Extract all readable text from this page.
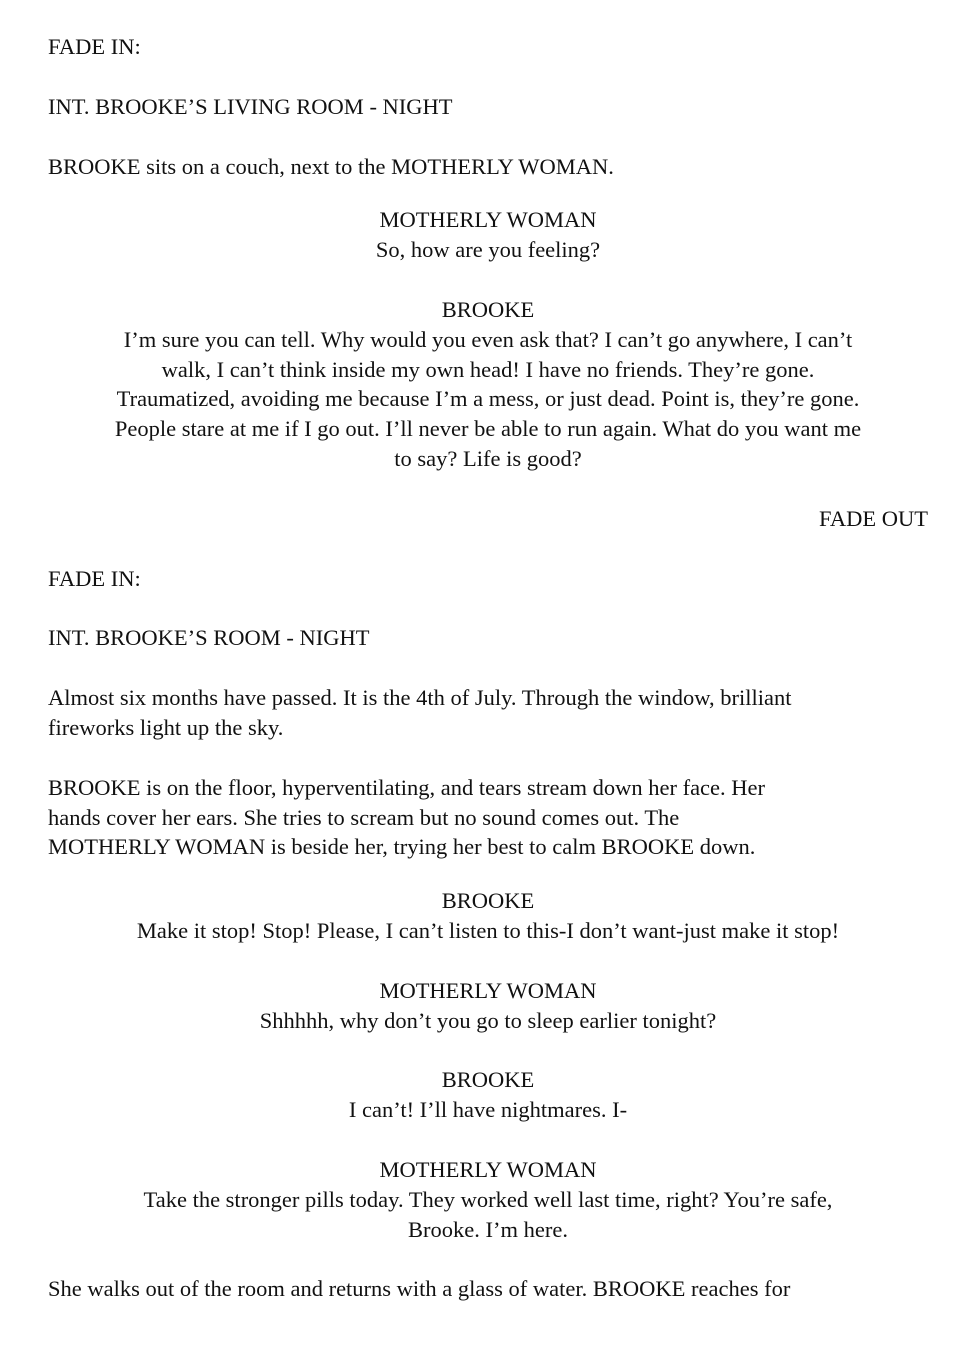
FADE IN:

INT. BROOKE’S LIVING ROOM - NIGHT

BROOKE sits on a couch, next to the MOTHERLY WOMAN.

MOTHERLY WOMAN

So, how are you feeling?

BROOKE

I’m sure you can tell. Why would you even ask that? I can’t go anywhere, I can’t

walk, I can’t think inside my own head! I have no friends. They’re gone.

Traumatized, avoiding me because I’m a mess, or just dead. Point is, they’re gone.

People stare at me if I go out. I’ll never be able to run again. What do you want me

to say? Life is good?

FADE OUT

FADE IN:

INT. BROOKE’S ROOM - NIGHT

Almost six months have passed. It is the 4th of July. Through the window, brilliant

fireworks light up the sky.

BROOKE is on the floor, hyperventilating, and tears stream down her face. Her

hands cover her ears. She tries to scream but no sound comes out. The

MOTHERLY WOMAN is beside her, trying her best to calm BROOKE down.

BROOKE

Make it stop! Stop! Please, I can’t listen to this-I don’t want-just make it stop!

MOTHERLY WOMAN

Shhhhh, why don’t you go to sleep earlier tonight?

BROOKE

I can’t! I’ll have nightmares. I-

MOTHERLY WOMAN

Take the stronger pills today. They worked well last time, right? You’re safe,

Brooke. I’m here.

She walks out of the room and returns with a glass of water. BROOKE reaches for
